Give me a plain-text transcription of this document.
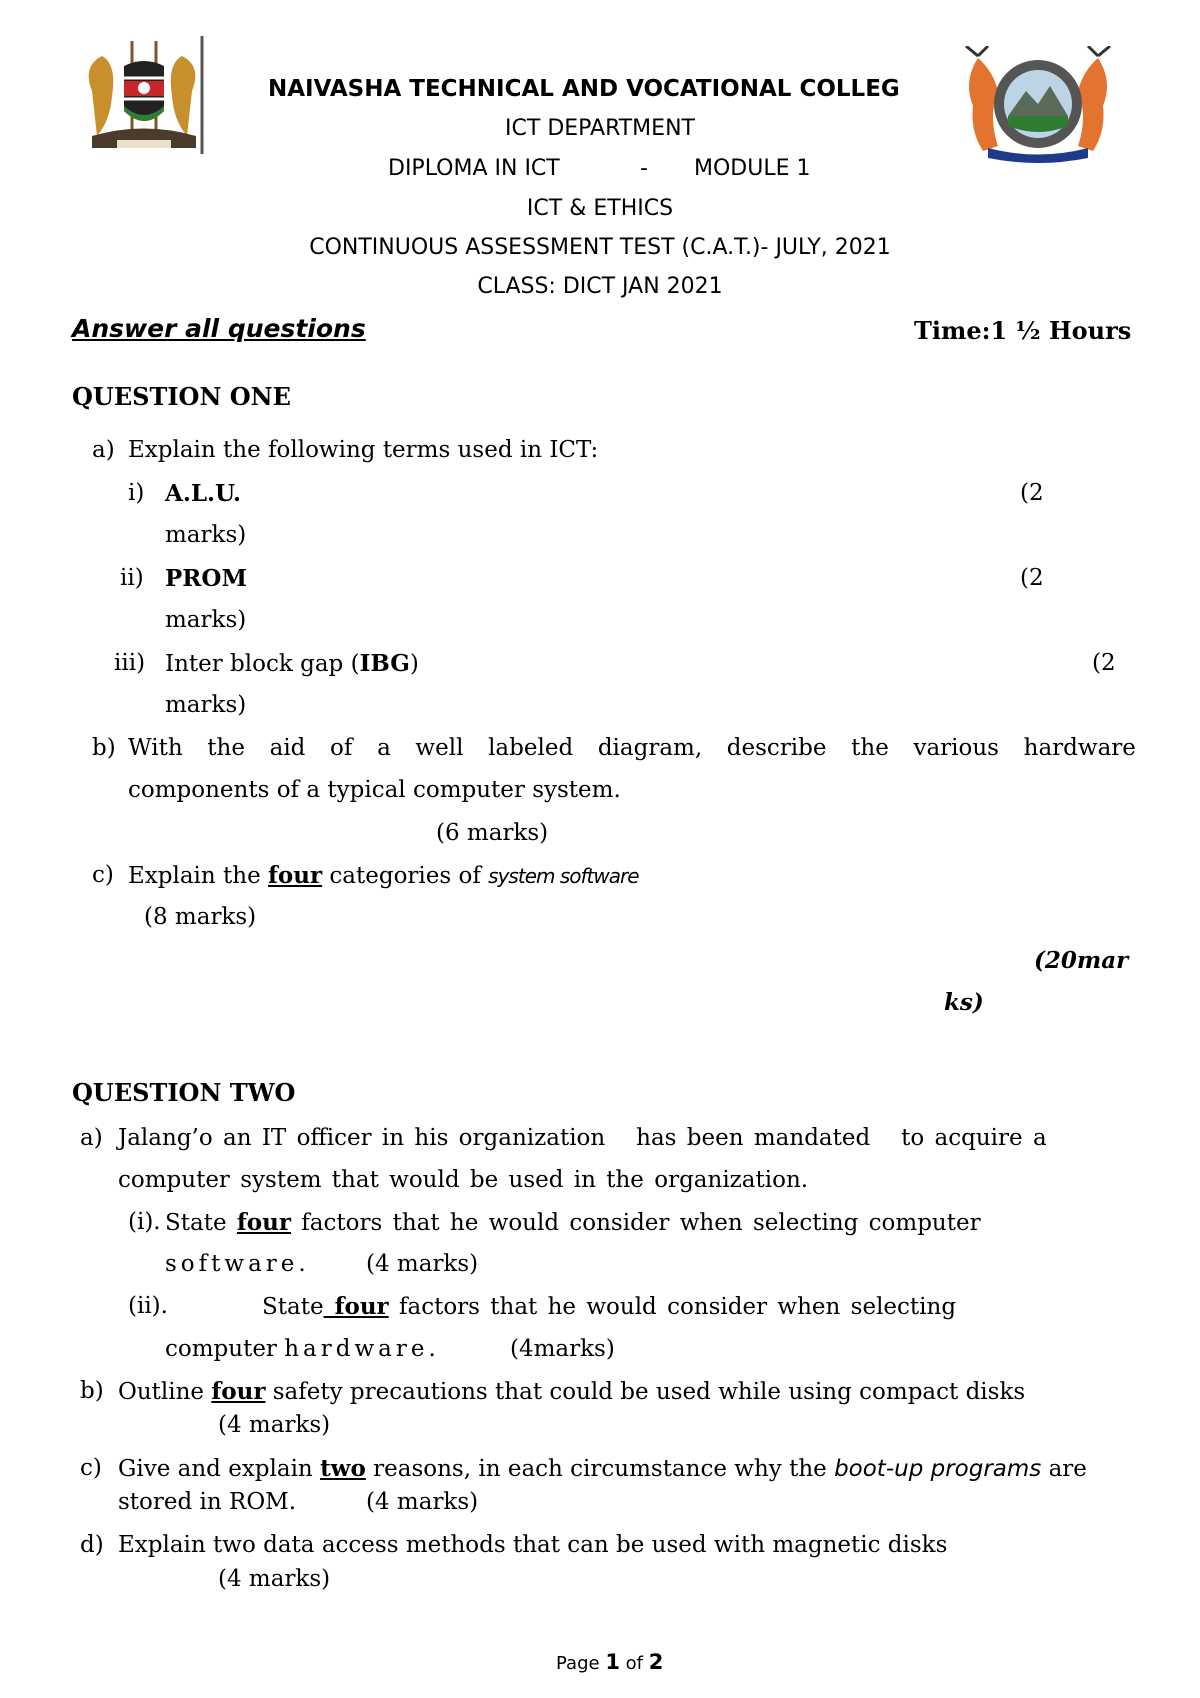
NAIVASHA TECHNICAL AND VOCATIONAL COLLEG
ICT DEPARTMENT
DIPLOMA IN ICT	- MODULE 1
ICT & ETHICS
CONTINUOUS ASSESSMENT TEST (C.A.T.)- JULY, 2021
CLASS: DICT JAN 2021
Answer all questions	Time:1 ½ Hours
QUESTION ONE
a) Explain the following terms used in ICT:
i) A.L.U.	(2
marks)
ii) PROM	(2
marks)
iii) Inter block gap (IBG)	(2
marks)
b) With the aid of a well labeled diagram, describe the various hardware
components of a typical computer system.
(6 marks)
c) Explain the four categories of system software
(8 marks)
(20mar
ks)
QUESTION TWO
a) Jalang’o an IT officer in his organization   has been mandated   to acquire a
computer system that would be used in the organization.
(i). State four factors that he would consider when selecting computer
software. (4 marks)
(ii).	State four factors that he would consider when selecting
computer hardware.	(4marks)
b) Outline four safety precautions that could be used while using compact disks
(4 marks)
c) Give and explain two reasons, in each circumstance why the boot-up programs are
stored in ROM.	(4 marks)
d) Explain two data access methods that can be used with magnetic disks
(4 marks)
Page 1 of 2
